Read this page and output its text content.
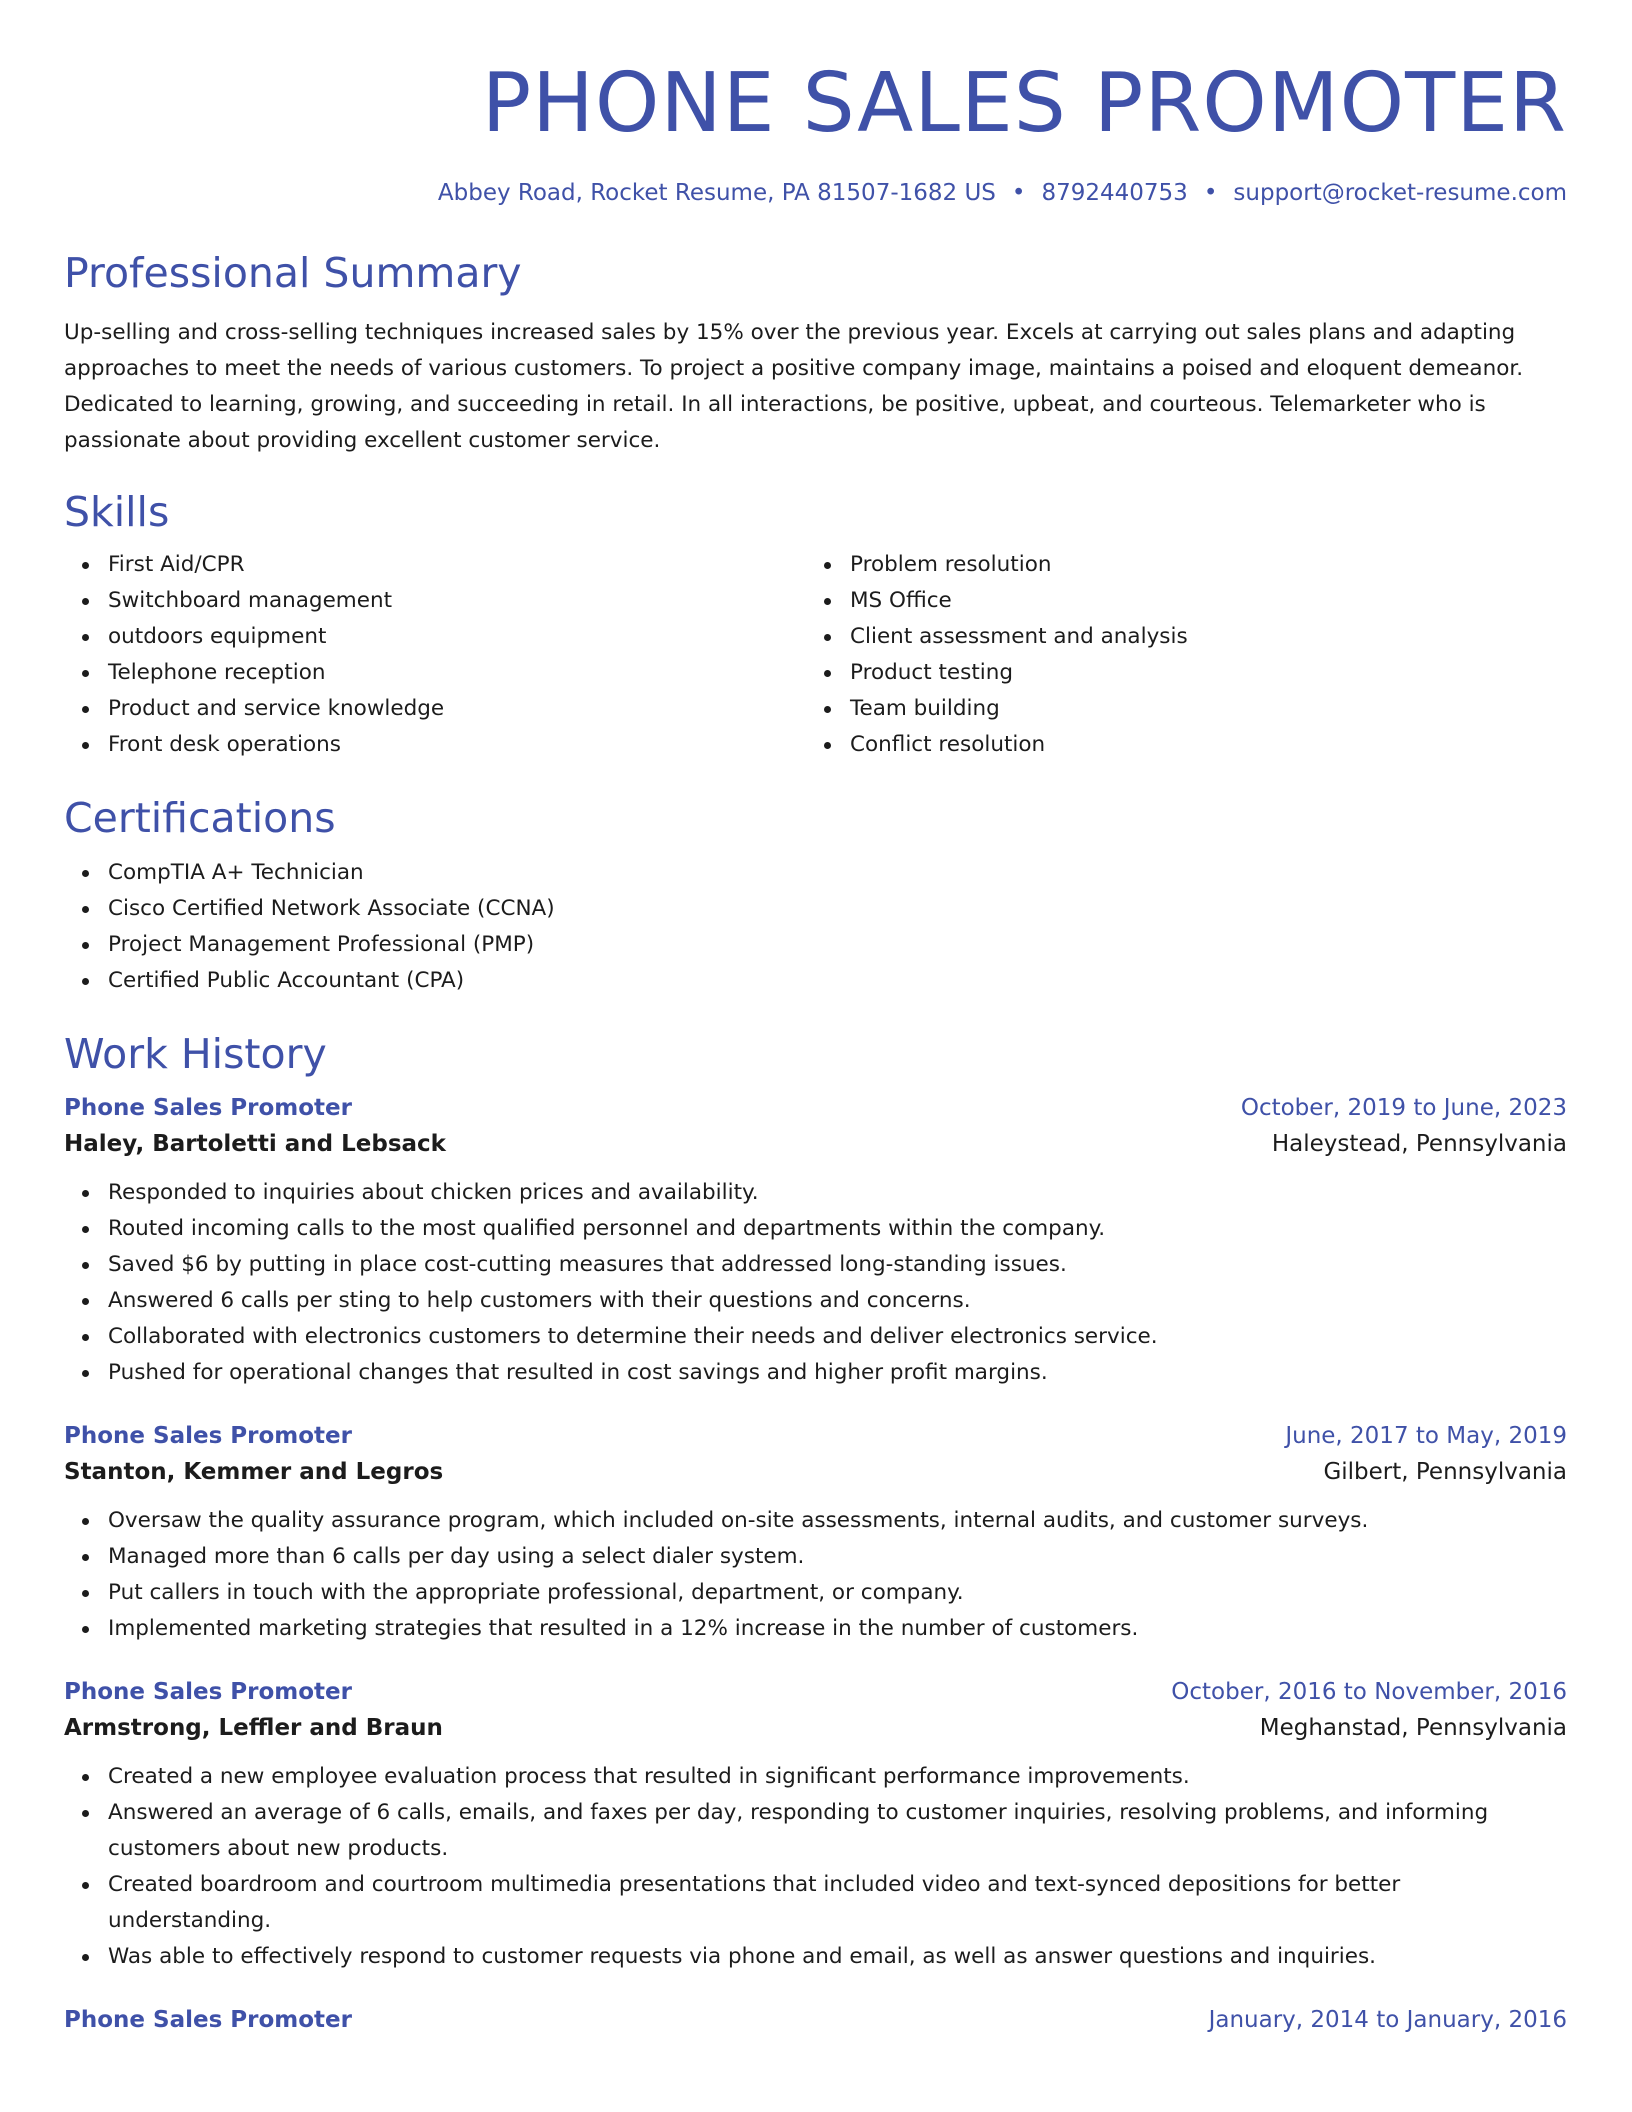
PHONE SALES PROMOTER
Abbey Road, Rocket Resume, PA 81507-1682 US • 8792440753 • support@rocket-resume.com
Professional Summary
Up-selling and cross-selling techniques increased sales by 15% over the previous year. Excels at carrying out sales plans and adapting approaches to meet the needs of various customers. To project a positive company image, maintains a poised and eloquent demeanor. Dedicated to learning, growing, and succeeding in retail. In all interactions, be positive, upbeat, and courteous. Telemarketer who is passionate about providing excellent customer service.
Skills
First Aid/CPR
Switchboard management
outdoors equipment
Telephone reception
Product and service knowledge
Front desk operations
Problem resolution
MS Office
Client assessment and analysis
Product testing
Team building
Conflict resolution
Certifications
CompTIA A+ Technician
Cisco Certified Network Associate (CCNA)
Project Management Professional (PMP)
Certified Public Accountant (CPA)
Work History
Phone Sales Promoter	October, 2019 to June, 2023
Haley, Bartoletti and Lebsack	Haleystead, Pennsylvania
Responded to inquiries about chicken prices and availability.
Routed incoming calls to the most qualified personnel and departments within the company.
Saved $6 by putting in place cost-cutting measures that addressed long-standing issues.
Answered 6 calls per sting to help customers with their questions and concerns.
Collaborated with electronics customers to determine their needs and deliver electronics service.
Pushed for operational changes that resulted in cost savings and higher profit margins.
Phone Sales Promoter	June, 2017 to May, 2019
Stanton, Kemmer and Legros	Gilbert, Pennsylvania
Oversaw the quality assurance program, which included on-site assessments, internal audits, and customer surveys.
Managed more than 6 calls per day using a select dialer system.
Put callers in touch with the appropriate professional, department, or company.
Implemented marketing strategies that resulted in a 12% increase in the number of customers.
Phone Sales Promoter	October, 2016 to November, 2016
Armstrong, Leffler and Braun	Meghanstad, Pennsylvania
Created a new employee evaluation process that resulted in significant performance improvements.
Answered an average of 6 calls, emails, and faxes per day, responding to customer inquiries, resolving problems, and informing customers about new products.
Created boardroom and courtroom multimedia presentations that included video and text-synced depositions for better understanding.
Was able to effectively respond to customer requests via phone and email, as well as answer questions and inquiries.
Phone Sales Promoter	January, 2014 to January, 2016
